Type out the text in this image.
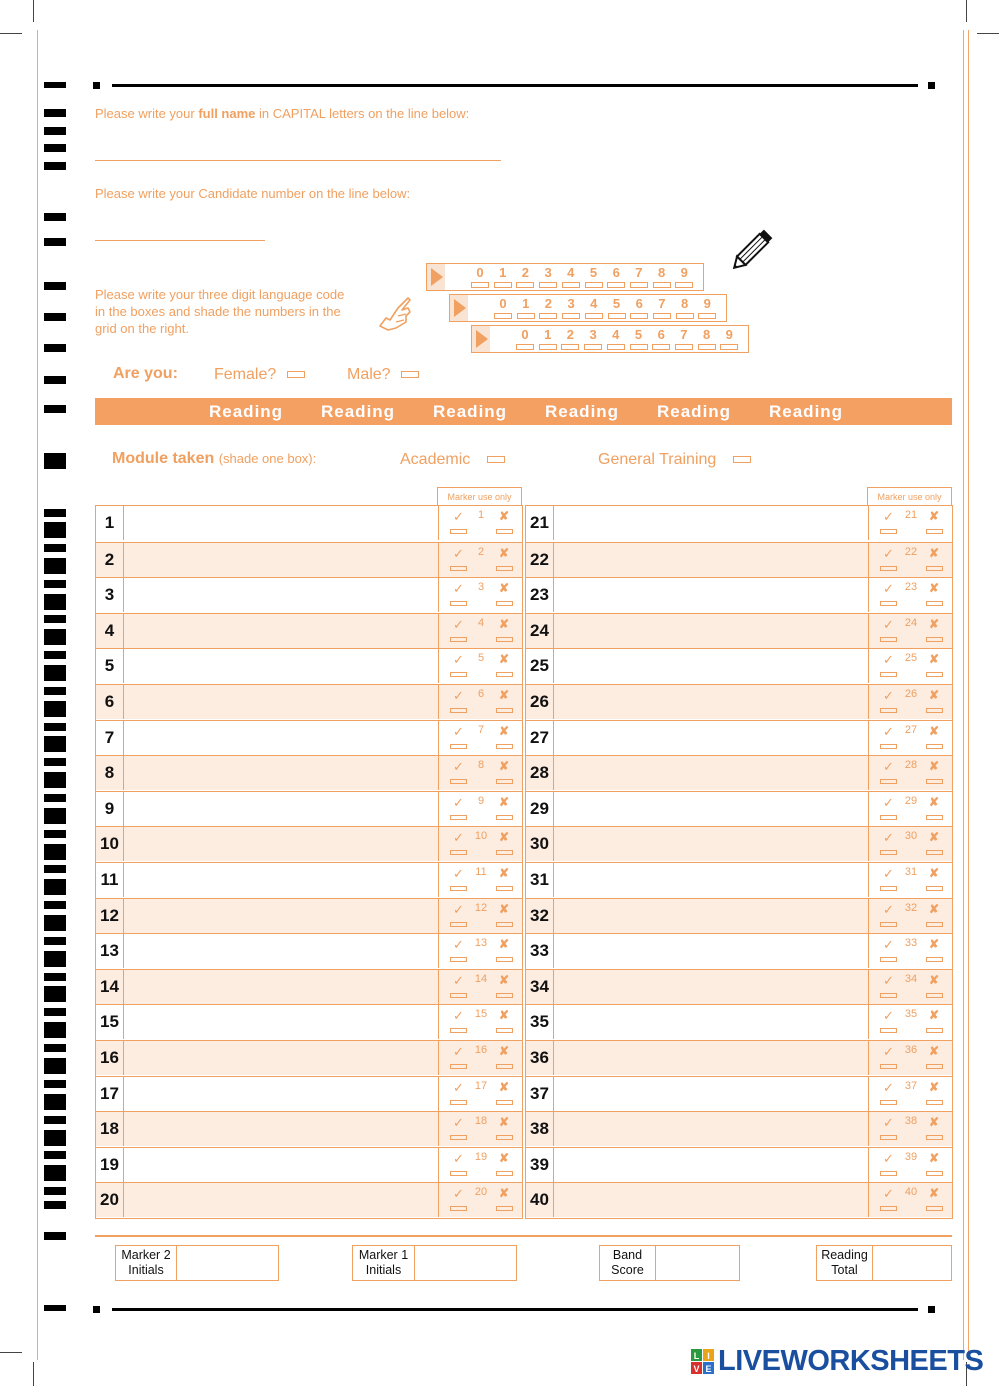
Please write your full name in CAPITAL letters on the line below:
Please write your Candidate number on the line below:
Please write your three digit language code
in the boxes and shade the numbers in the
grid on the right.
0	1	2	3	4	5	6	7	8	9
0	1	2	3	4	5	6	7	8	9
0	1	2	3	4	5	6	7	8	9
Are you: Female?	Male?
Reading Reading Reading Reading Reading Reading
Module taken (shade one box):	Academic	General Training
Marker use only	Marker use only
1	✓	1	✘
2	✓	2	✘
3	✓	3	✘
4	✓	4	✘
5	✓	5	✘
6	✓	6	✘
7	✓	7	✘
8	✓	8	✘
9	✓	9	✘
10	✓ 10 ✘
11	✓ 11 ✘
12	✓ 12 ✘
13	✓ 13 ✘
14	✓ 14 ✘
15	✓ 15 ✘
16	✓ 16 ✘
17	✓ 17 ✘
18	✓ 18 ✘
19	✓ 19 ✘
20	✓ 20 ✘
21	✓ 21 ✘
22	✓ 22 ✘
23	✓ 23 ✘
24	✓ 24 ✘
25	✓ 25 ✘
26	✓ 26 ✘
27	✓ 27 ✘
28	✓ 28 ✘
29	✓ 29 ✘
30	✓ 30 ✘
31	✓ 31 ✘
32	✓ 32 ✘
33	✓ 33 ✘
34	✓ 34 ✘
35	✓ 35 ✘
36	✓ 36 ✘
37	✓ 37 ✘
38	✓ 38 ✘
39	✓ 39 ✘
40	✓ 40 ✘
Marker 2
Initials
Marker 1
Initials
Band
Score
Reading
Total
L I
V E LIVEWORKSHEETS
